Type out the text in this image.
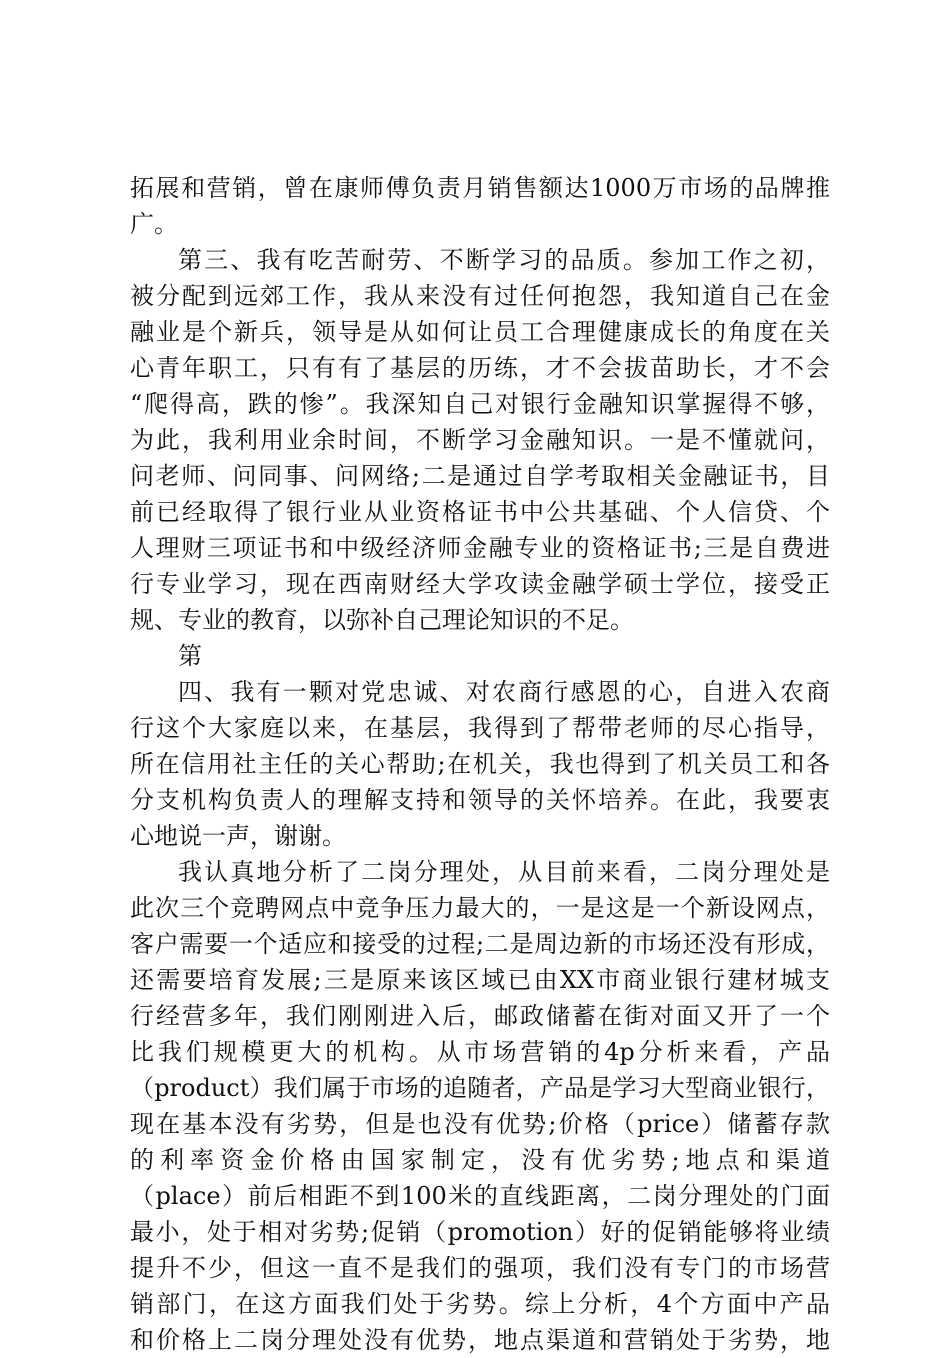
拓展和营销，曾在康师傅负责月销售额达1000万市场的品牌推
广。
第三、我有吃苦耐劳、不断学习的品质。参加工作之初，
被分配到远郊工作，我从来没有过任何抱怨，我知道自己在金
融业是个新兵，领导是从如何让员工合理健康成长的角度在关
心青年职工，只有有了基层的历练，才不会拔苗助长，才不会
“爬得高，跌的惨”。我深知自己对银行金融知识掌握得不够，
为此，我利用业余时间，不断学习金融知识。一是不懂就问，
问老师、问同事、问网络;二是通过自学考取相关金融证书，目
前已经取得了银行业从业资格证书中公共基础、个人信贷、个
人理财三项证书和中级经济师金融专业的资格证书;三是自费进
行专业学习，现在西南财经大学攻读金融学硕士学位，接受正
规、专业的教育，以弥补自己理论知识的不足。
第
四、我有一颗对党忠诚、对农商行感恩的心，自进入农商
行这个大家庭以来，在基层，我得到了帮带老师的尽心指导，
所在信用社主任的关心帮助;在机关，我也得到了机关员工和各
分支机构负责人的理解支持和领导的关怀培养。在此，我要衷
心地说一声，谢谢。
我认真地分析了二岗分理处，从目前来看，二岗分理处是
此次三个竞聘网点中竞争压力最大的，一是这是一个新设网点，
客户需要一个适应和接受的过程;二是周边新的市场还没有形成，
还需要培育发展;三是原来该区域已由XX市商业银行建材城支
行经营多年，我们刚刚进入后，邮政储蓄在街对面又开了一个
比我们规模更大的机构。从市场营销的4p分析来看，产品
（product）我们属于市场的追随者，产品是学习大型商业银行，
现在基本没有劣势，但是也没有优势;价格（price）储蓄存款
的利率资金价格由国家制定，没有优劣势;地点和渠道
（place）前后相距不到100米的直线距离，二岗分理处的门面
最小，处于相对劣势;促销（promotion）好的促销能够将业绩
提升不少，但这一直不是我们的强项，我们没有专门的市场营
销部门，在这方面我们处于劣势。综上分析，4个方面中产品
和价格上二岗分理处没有优势，地点渠道和营销处于劣势，地
